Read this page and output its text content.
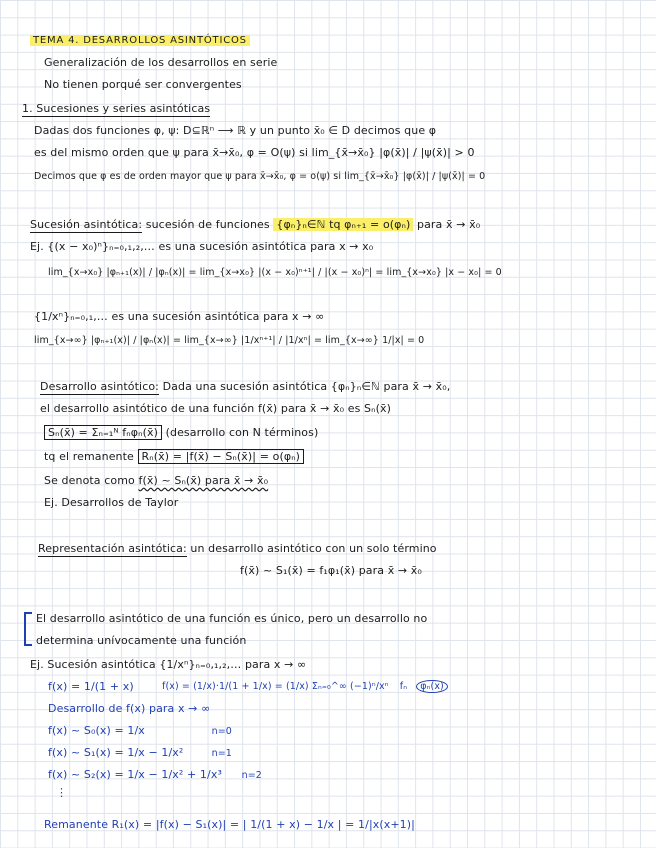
TEMA 4. DESARROLLOS ASINTÓTICOS
Generalización de los desarrollos en serie
No tienen porqué ser convergentes
1. Sucesiones y series asintóticas
Dadas dos funciones φ, ψ: D⊆ℝⁿ ⟶ ℝ y un punto x̄₀ ∈ D decimos que φ
es del mismo orden que ψ para x̄→x̄₀, φ = O(ψ) si lim_{x̄→x̄₀} |φ(x̄)| / |ψ(x̄)| > 0
Decimos que φ es de orden mayor que ψ para x̄→x̄₀, φ = o(ψ) si lim_{x̄→x̄₀} |φ(x̄)| / |ψ(x̄)| = 0
Sucesión asintótica: sucesión de funciones {φₙ}ₙ∈ℕ tq φₙ₊₁ = o(φₙ) para x̄ → x̄₀
Ej. {(x − x₀)ⁿ}ₙ₌₀,₁,₂,… es una sucesión asintótica para x → x₀
lim_{x→x₀} |φₙ₊₁(x)| / |φₙ(x)| = lim_{x→x₀} |(x − x₀)ⁿ⁺¹| / |(x − x₀)ⁿ| = lim_{x→x₀} |x − x₀| = 0
{1/xⁿ}ₙ₌₀,₁,… es una sucesión asintótica para x → ∞
lim_{x→∞} |φₙ₊₁(x)| / |φₙ(x)| = lim_{x→∞} |1/xⁿ⁺¹| / |1/xⁿ| = lim_{x→∞} 1/|x| = 0
Desarrollo asintótico: Dada una sucesión asintótica {φₙ}ₙ∈ℕ para x̄ → x̄₀,
el desarrollo asintótico de una función f(x̄) para x̄ → x̄₀ es Sₙ(x̄)
Sₙ(x̄) = Σₙ₌₁ᴺ fₙφₙ(x̄) (desarrollo con N términos)
tq el remanente Rₙ(x̄) = |f(x̄) − Sₙ(x̄)| = o(φₙ)
Se denota como f(x̄) ~ Sₙ(x̄) para x̄ → x̄₀
Ej. Desarrollos de Taylor
Representación asintótica: un desarrollo asintótico con un solo término
f(x̄) ~ S₁(x̄) = f₁φ₁(x̄) para x̄ → x̄₀
El desarrollo asintótico de una función es único, pero un desarrollo no
determina unívocamente una función
Ej. Sucesión asintótica {1/xⁿ}ₙ₌₀,₁,₂,… para x → ∞
f(x) = 1/(1 + x)	f(x) = (1/x)·1/(1 + 1/x) = (1/x) Σₙ₌₀^∞ (−1)ⁿ/xⁿ fₙ φₙ(x)
Desarrollo de f(x) para x → ∞
f(x) ~ S₀(x) = 1/x	n=0
f(x) ~ S₁(x) = 1/x − 1/x²	n=1
f(x) ~ S₂(x) = 1/x − 1/x² + 1/x³ n=2
⋮
Remanente R₁(x) = |f(x) − S₁(x)| = | 1/(1 + x) − 1/x | = 1/|x(x+1)|
